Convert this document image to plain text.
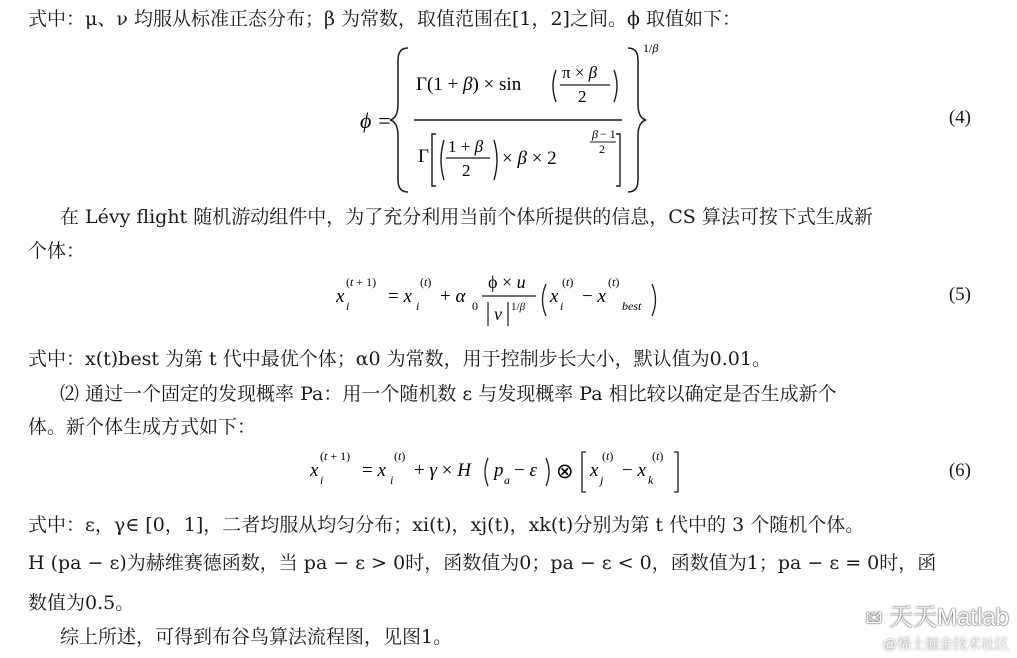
式中：μ、ν 均服从标准正态分布；β 为常数，取值范围在[1，2]之间。ϕ 取值如下：
ϕ =
Γ(1 + β) × sin
π × β
2
Γ 1 + β
2
× β × 2
β − 1
2
1/β
(4)
在 Lévy flight 随机游动组件中，为了充分利用当前个体所提供的信息，CS 算法可按下式生成新
个体：
x i
(t + 1)
= x i
(t)
+ α 0
ϕ × u
ν 1/β x i
(t)
− x
(t)
best
(5)
式中：x(t)best 为第 t 代中最优个体；α0 为常数，用于控制步长大小，默认值为0.01。
⑵ 通过一个固定的发现概率 Pa：用一个随机数 ε 与发现概率 Pa 相比较以确定是否生成新个
体。新个体生成方式如下：
x i
(t + 1)
= x i
(t)
+ γ × H p a − ε ⊗ x j
(t)
− x k
(t)
(6)
式中：ε，γ∈ [0，1]，二者均服从均匀分布；xi(t)，xj(t)，xk(t)分别为第 t 代中的 3 个随机个体。
H (pa − ε)为赫维赛德函数，当 pa − ε > 0时，函数值为0；pa − ε < 0，函数值为1；pa − ε = 0时，函
数值为0.5。
综上所述，可得到布谷鸟算法流程图，见图1。
✉ 天天Matlab
@稀土掘金技术社区
